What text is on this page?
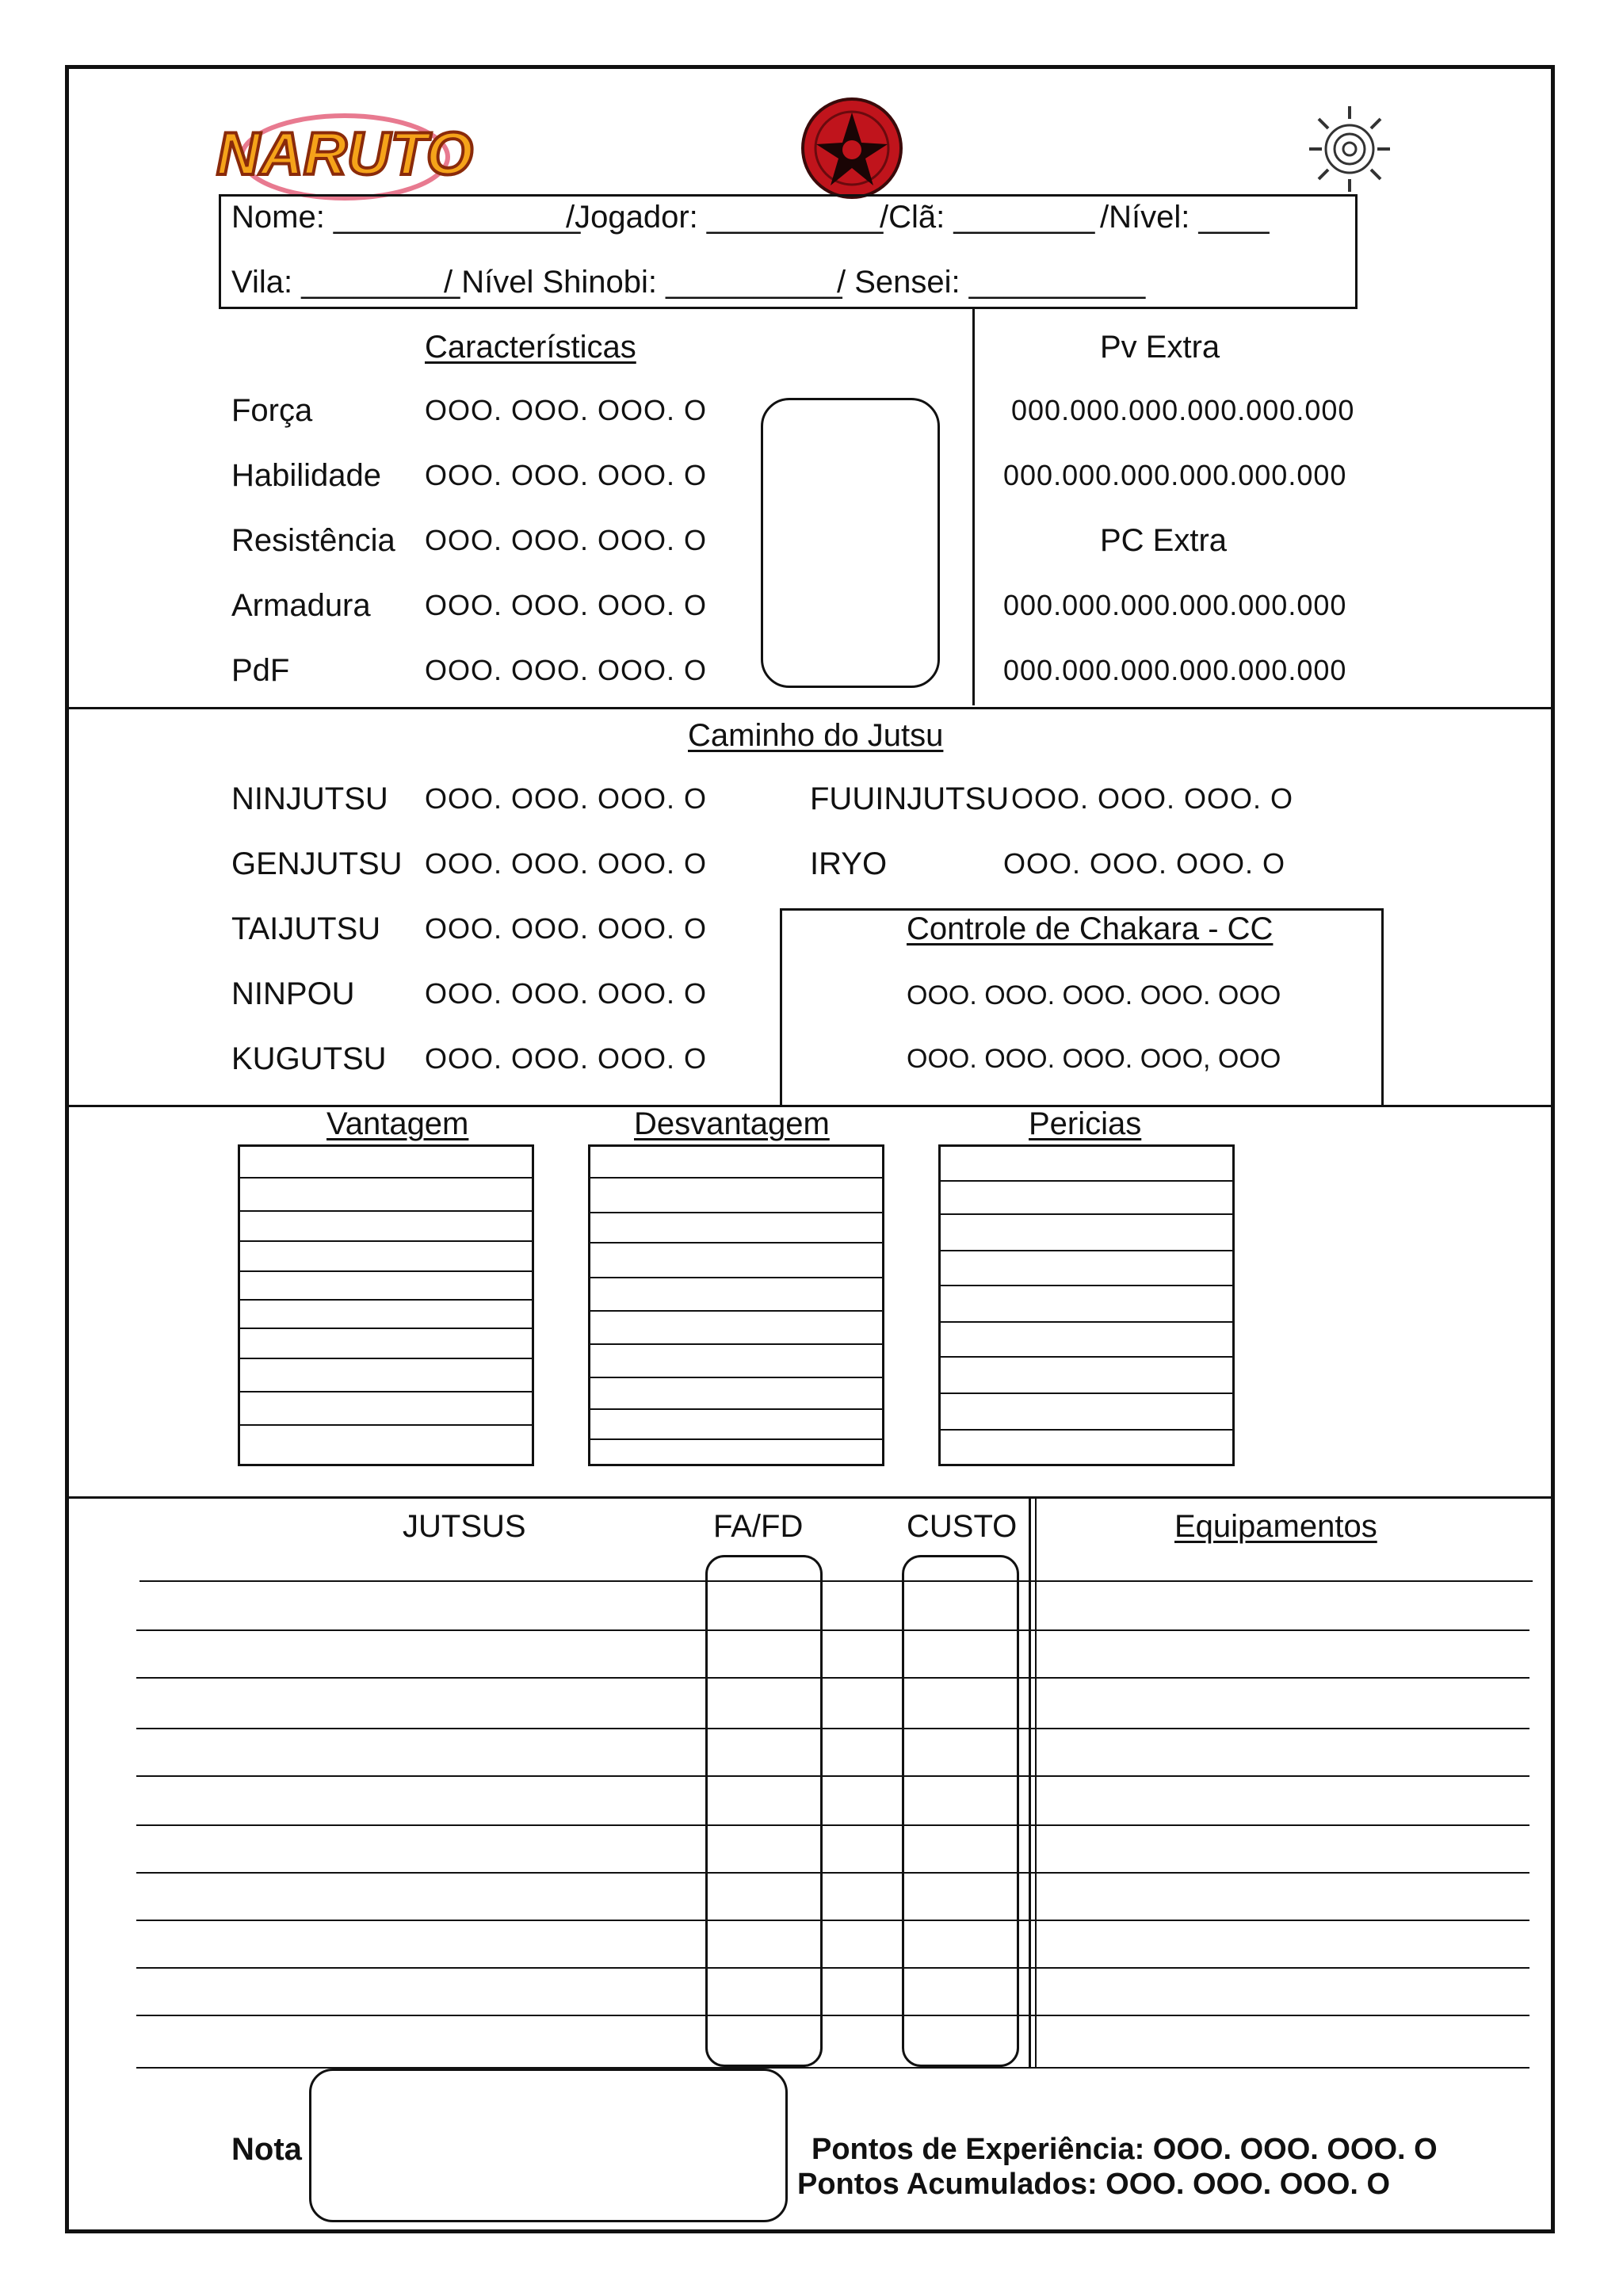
NARUTO
Nome: ______________
/Jogador: __________
/Clã: ________ /Nível: ____
Vila: _________
/ Nível Shinobi: __________
/ Sensei: __________
Características
Força	OOO. OOO. OOO. O
Habilidade OOO. OOO. OOO. O
Resistência OOO. OOO. OOO. O
Armadura OOO. OOO. OOO. O
PdF	OOO. OOO. OOO. O
Pv Extra
000.000.000.000.000.000
000.000.000.000.000.000
PC Extra
000.000.000.000.000.000
000.000.000.000.000.000
Caminho do Jutsu
NINJUTSU OOO. OOO. OOO. O
GENJUTSU OOO. OOO. OOO. O
TAIJUTSU OOO. OOO. OOO. O
NINPOU OOO. OOO. OOO. O
KUGUTSU OOO. OOO. OOO. O
FUUINJUTSU OOO. OOO. OOO. O
IRYO	OOO. OOO. OOO. O
Controle de Chakara - CC
OOO. OOO. OOO. OOO. OOO
OOO. OOO. OOO. OOO, OOO
Vantagem	Desvantagem	Pericias
JUTSUS	FA/FD	CUSTO	Equipamentos
Nota	Pontos de Experiência: OOO. OOO. OOO. O
Pontos Acumulados: OOO. OOO. OOO. O
